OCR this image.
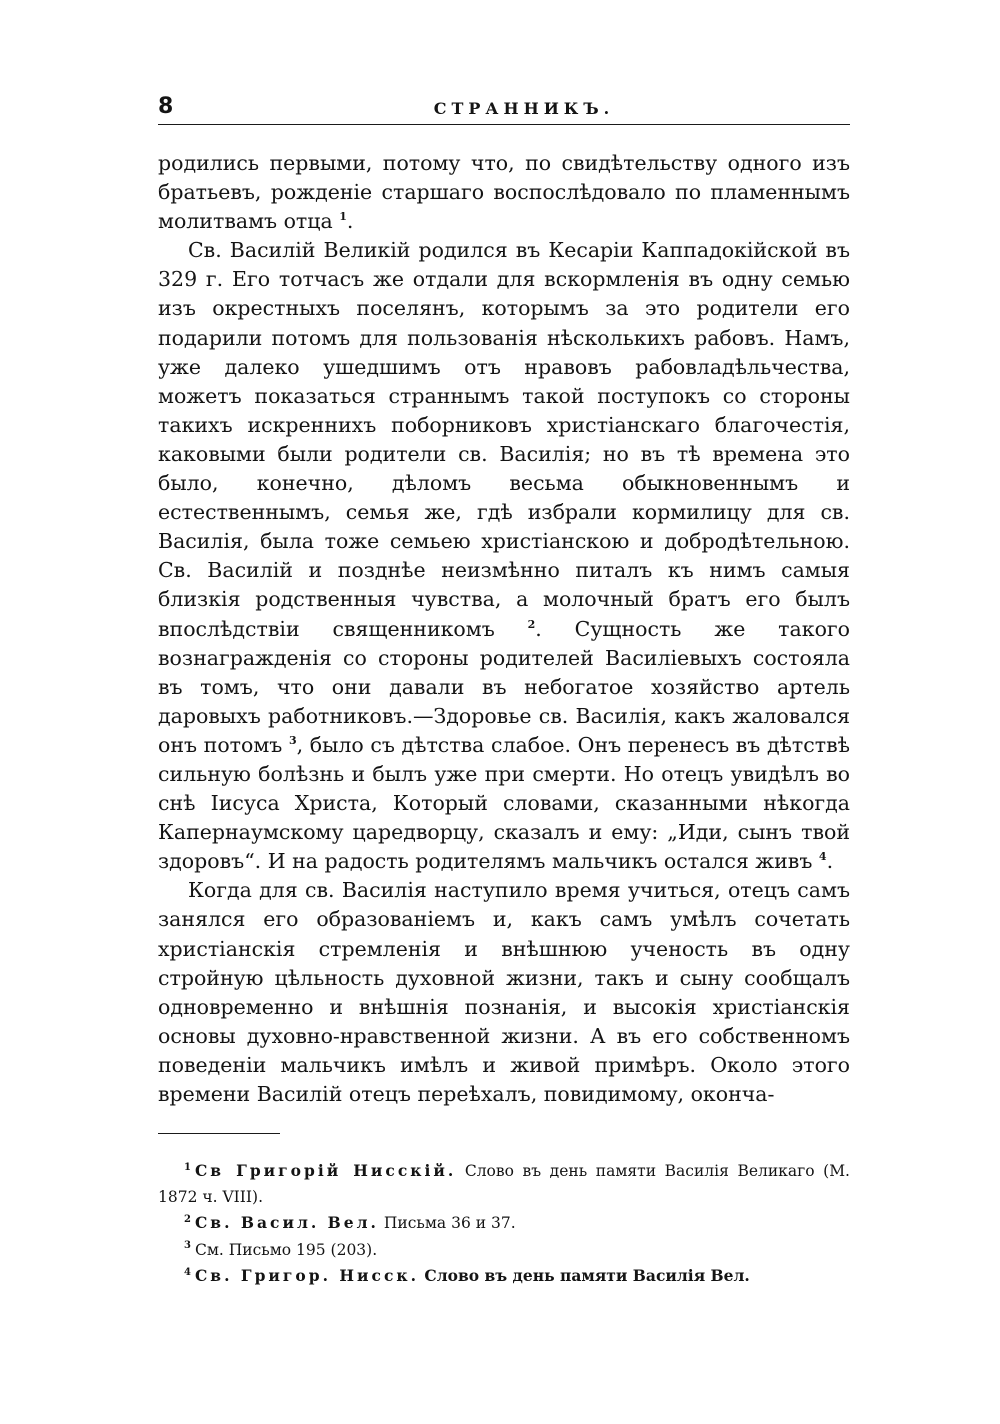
8	СТРАННИКЪ.

родились первыми, потому что, по свидѣтельству одного изъ братьевъ, рожденіе старшаго воспослѣдовало по пламеннымъ молитвамъ отца $^1$.

Св. Василій Великій родился въ Кесаріи Каппадокійской въ 329 г. Его тотчасъ же отдали для вскормленія въ одну семью изъ окрестныхъ поселянъ, которымъ за это родители его подарили потомъ для пользованія нѣсколькихъ рабовъ. Намъ, уже далеко ушедшимъ отъ нравовъ рабовладѣльчества, можетъ показаться страннымъ такой поступокъ со стороны такихъ искреннихъ поборниковъ христіанскаго благочестія, каковыми были родители св. Василія; но въ тѣ времена это было, конечно, дѣломъ весьма обыкновеннымъ и естественнымъ, семья же, гдѣ избрали кормилицу для св. Василія, была тоже семьею христіанскою и добродѣтельною. Св. Василій и позднѣе неизмѣнно питалъ къ нимъ самыя близкія родственныя чувства, а молочный братъ его былъ впослѣдствіи священникомъ	$^2$. Сущность же такого вознагражденія со стороны родителей Василіевыхъ состояла въ томъ, что они давали въ небогатое хозяйство артель даровыхъ работниковъ.—Здоровье св. Василія, какъ жаловался онъ потомъ $^3$, было съ дѣтства слабое. Онъ перенесъ въ дѣтствѣ сильную болѣзнь и былъ уже при смерти. Но отецъ увидѣлъ во снѣ Іисуса Христа, Который словами, сказанными нѣкогда Капернаумскому царедворцу, сказалъ и ему: „Иди, сынъ твой здоровъ“. И на радость родителямъ мальчикъ остался живъ $^4$.

Когда для св. Василія наступило время учиться, отецъ самъ занялся его образованіемъ и, какъ самъ умѣлъ сочетать христіанскія стремленія и внѣшнюю ученость въ одну стройную цѣльность духовной жизни, такъ и сыну сообщалъ одновременно и внѣшнія познанія, и высокія христіанскія основы духовно-нравственной жизни. А въ его собственномъ поведеніи мальчикъ имѣлъ и живой примѣръ. Около этого времени Василій отецъ переѣхалъ, повидимому, оконча-

$^1$ Св Григорій Нисскій. Слово въ день памяти Василія Великаго (М. 1872 ч. VIII).
$^2$ Св. Васил. Вел. Письма 36 и 37.
$^3$ См. Письмо 195 (203).
$^4$ Св. Григор. Нисск. Слово въ день памяти Василія Вел.
